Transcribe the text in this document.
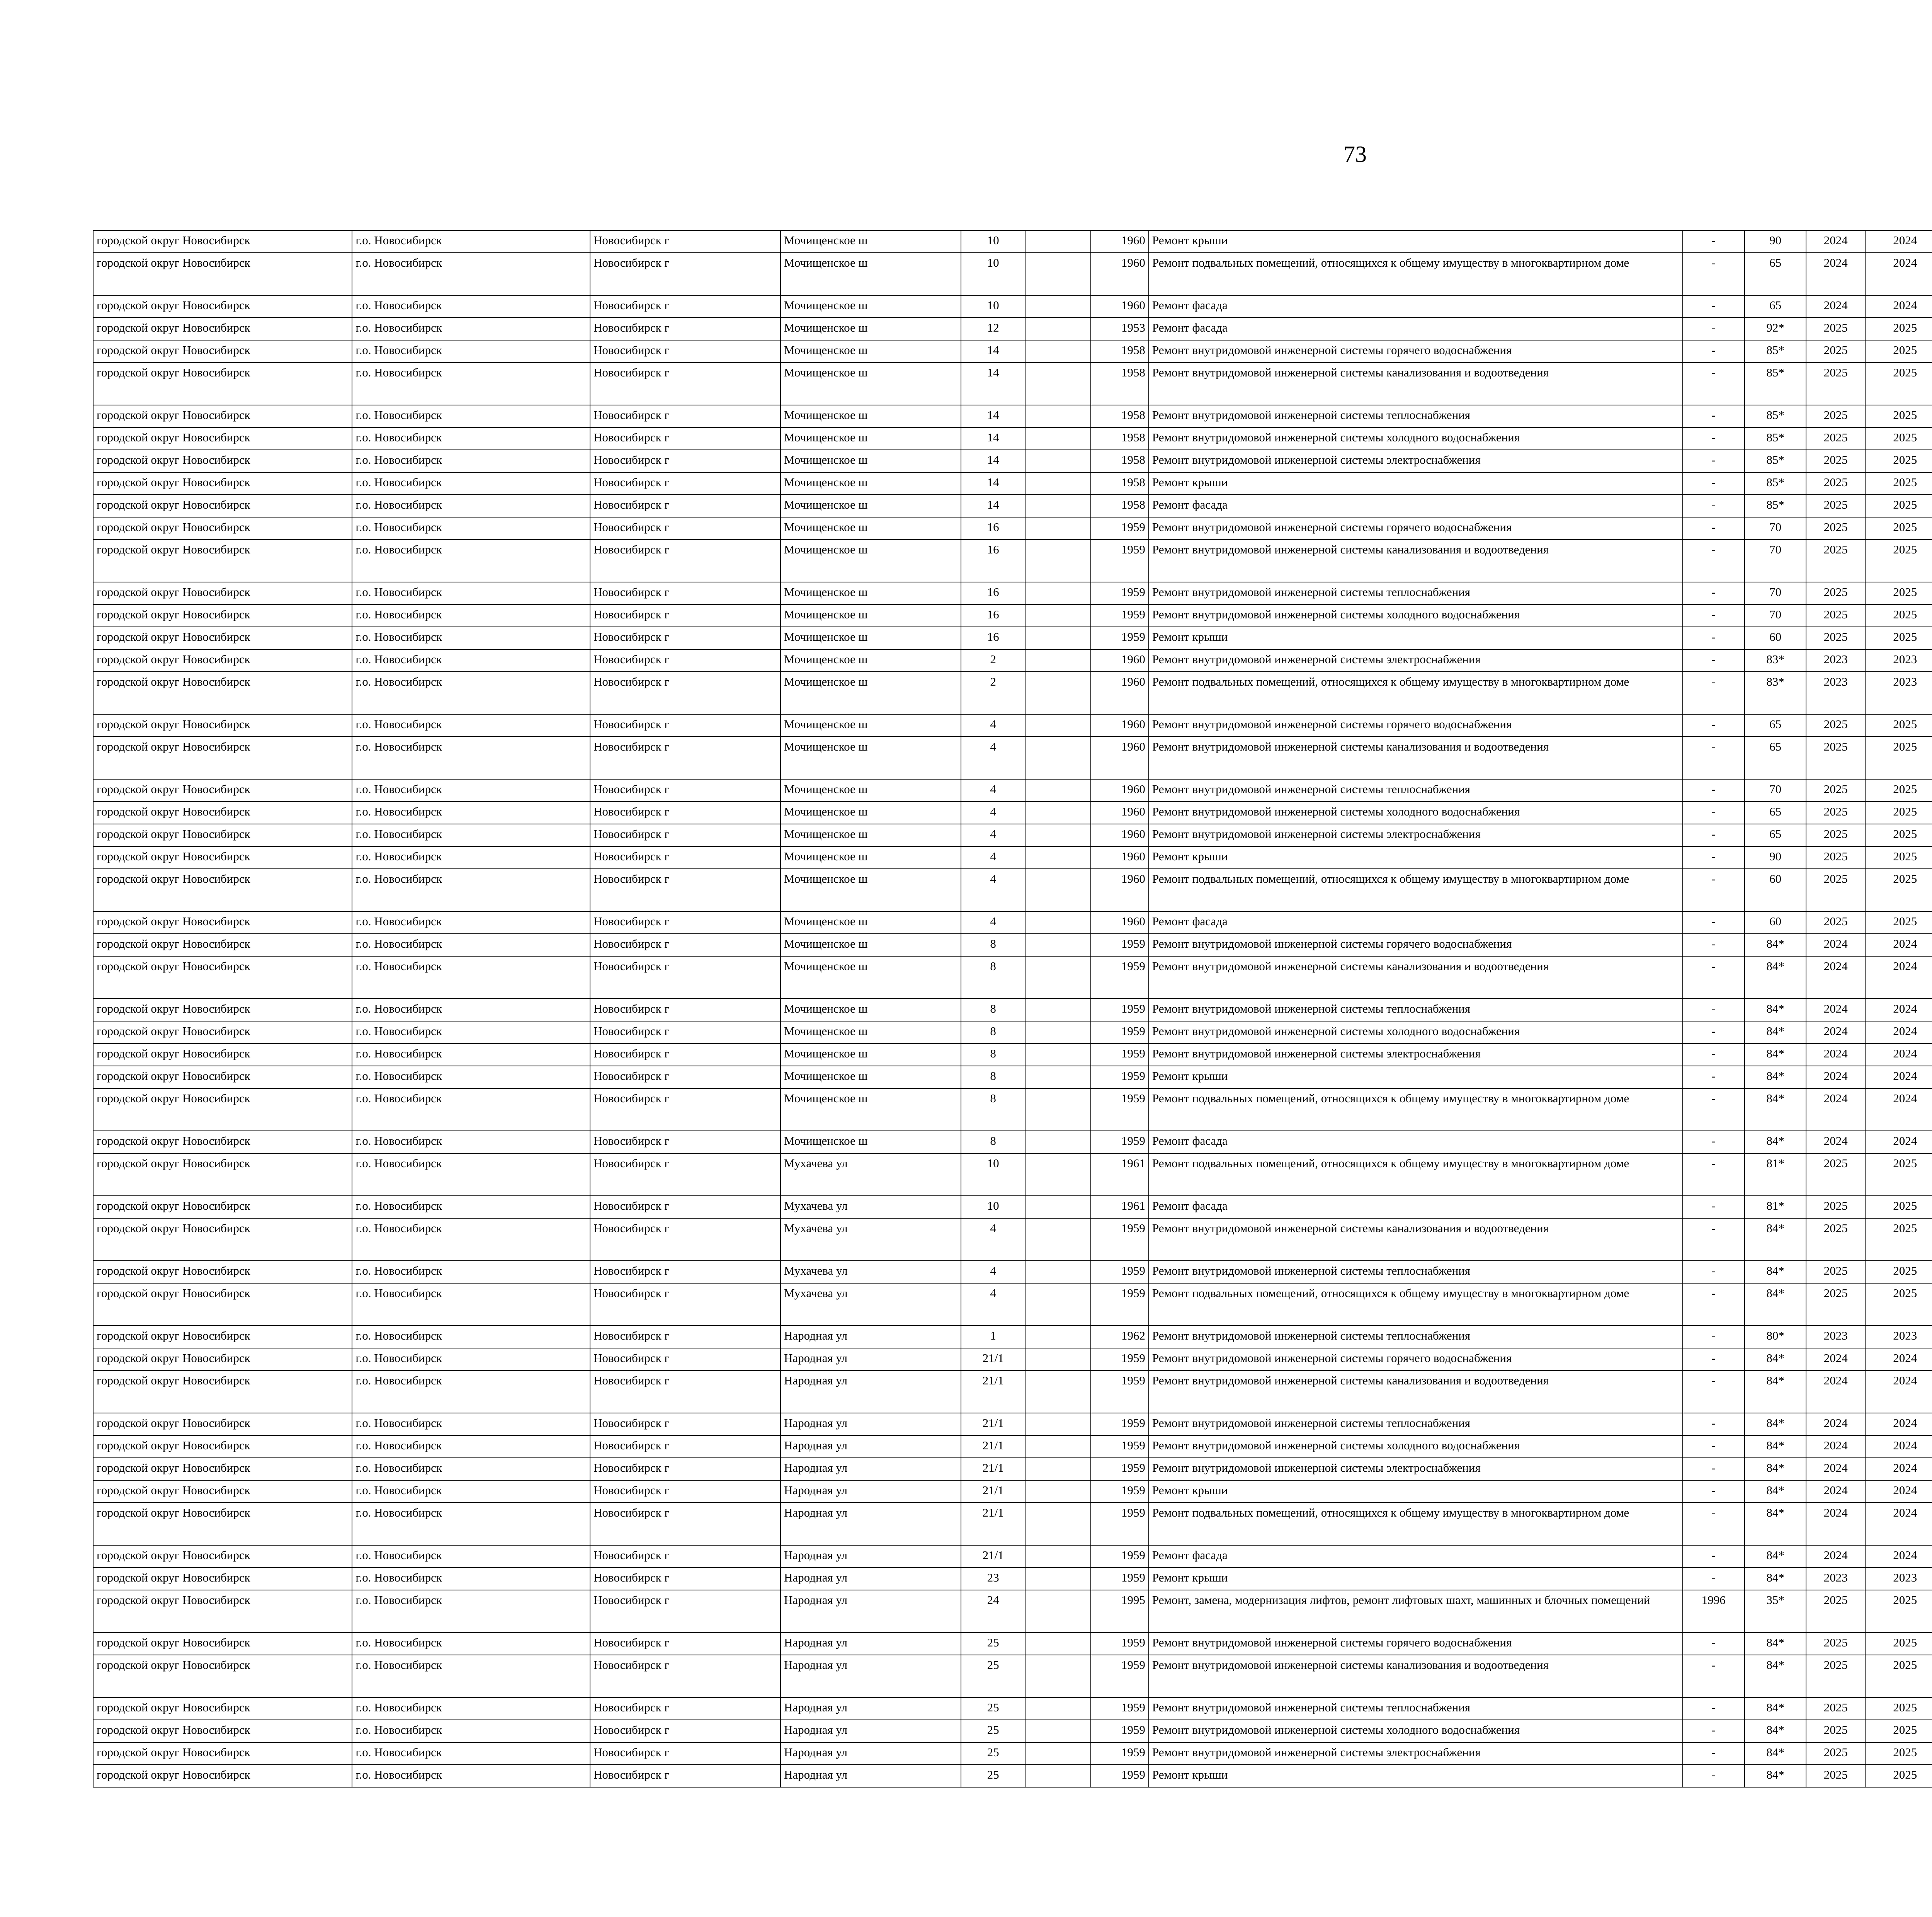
73
городской округ Новосибирск	г.о. Новосибирск	Новосибирск г	Мочищенское ш	10		1960	Ремонт крыши	-	90	2024	2024					
городской округ Новосибирск	г.о. Новосибирск	Новосибирск г	Мочищенское ш	10		1960	Ремонт подвальных помещений, относящихся к общему имуществу в многоквартирном доме	-	65	2024	2024					
городской округ Новосибирск	г.о. Новосибирск	Новосибирск г	Мочищенское ш	10		1960	Ремонт фасада	-	65	2024	2024					
городской округ Новосибирск	г.о. Новосибирск	Новосибирск г	Мочищенское ш	12		1953	Ремонт фасада	-	92*	2025	2025					
городской округ Новосибирск	г.о. Новосибирск	Новосибирск г	Мочищенское ш	14		1958	Ремонт внутридомовой инженерной системы горячего водоснабжения	-	85*	2025	2025					
городской округ Новосибирск	г.о. Новосибирск	Новосибирск г	Мочищенское ш	14		1958	Ремонт внутридомовой инженерной системы канализования и водоотведения	-	85*	2025	2025					
городской округ Новосибирск	г.о. Новосибирск	Новосибирск г	Мочищенское ш	14		1958	Ремонт внутридомовой инженерной системы теплоснабжения	-	85*	2025	2025					
городской округ Новосибирск	г.о. Новосибирск	Новосибирск г	Мочищенское ш	14		1958	Ремонт внутридомовой инженерной системы холодного водоснабжения	-	85*	2025	2025					
городской округ Новосибирск	г.о. Новосибирск	Новосибирск г	Мочищенское ш	14		1958	Ремонт внутридомовой инженерной системы электроснабжения	-	85*	2025	2025					
городской округ Новосибирск	г.о. Новосибирск	Новосибирск г	Мочищенское ш	14		1958	Ремонт крыши	-	85*	2025	2025					
городской округ Новосибирск	г.о. Новосибирск	Новосибирск г	Мочищенское ш	14		1958	Ремонт фасада	-	85*	2025	2025					
городской округ Новосибирск	г.о. Новосибирск	Новосибирск г	Мочищенское ш	16		1959	Ремонт внутридомовой инженерной системы горячего водоснабжения	-	70	2025	2025					
городской округ Новосибирск	г.о. Новосибирск	Новосибирск г	Мочищенское ш	16		1959	Ремонт внутридомовой инженерной системы канализования и водоотведения	-	70	2025	2025					
городской округ Новосибирск	г.о. Новосибирск	Новосибирск г	Мочищенское ш	16		1959	Ремонт внутридомовой инженерной системы теплоснабжения	-	70	2025	2025					
городской округ Новосибирск	г.о. Новосибирск	Новосибирск г	Мочищенское ш	16		1959	Ремонт внутридомовой инженерной системы холодного водоснабжения	-	70	2025	2025					
городской округ Новосибирск	г.о. Новосибирск	Новосибирск г	Мочищенское ш	16		1959	Ремонт крыши	-	60	2025	2025					
городской округ Новосибирск	г.о. Новосибирск	Новосибирск г	Мочищенское ш	2		1960	Ремонт внутридомовой инженерной системы электроснабжения	-	83*	2023	2023					
городской округ Новосибирск	г.о. Новосибирск	Новосибирск г	Мочищенское ш	2		1960	Ремонт подвальных помещений, относящихся к общему имуществу в многоквартирном доме	-	83*	2023	2023					
городской округ Новосибирск	г.о. Новосибирск	Новосибирск г	Мочищенское ш	4		1960	Ремонт внутридомовой инженерной системы горячего водоснабжения	-	65	2025	2025					
городской округ Новосибирск	г.о. Новосибирск	Новосибирск г	Мочищенское ш	4		1960	Ремонт внутридомовой инженерной системы канализования и водоотведения	-	65	2025	2025					
городской округ Новосибирск	г.о. Новосибирск	Новосибирск г	Мочищенское ш	4		1960	Ремонт внутридомовой инженерной системы теплоснабжения	-	70	2025	2025					
городской округ Новосибирск	г.о. Новосибирск	Новосибирск г	Мочищенское ш	4		1960	Ремонт внутридомовой инженерной системы холодного водоснабжения	-	65	2025	2025					
городской округ Новосибирск	г.о. Новосибирск	Новосибирск г	Мочищенское ш	4		1960	Ремонт внутридомовой инженерной системы электроснабжения	-	65	2025	2025					
городской округ Новосибирск	г.о. Новосибирск	Новосибирск г	Мочищенское ш	4		1960	Ремонт крыши	-	90	2025	2025					
городской округ Новосибирск	г.о. Новосибирск	Новосибирск г	Мочищенское ш	4		1960	Ремонт подвальных помещений, относящихся к общему имуществу в многоквартирном доме	-	60	2025	2025					
городской округ Новосибирск	г.о. Новосибирск	Новосибирск г	Мочищенское ш	4		1960	Ремонт фасада	-	60	2025	2025					
городской округ Новосибирск	г.о. Новосибирск	Новосибирск г	Мочищенское ш	8		1959	Ремонт внутридомовой инженерной системы горячего водоснабжения	-	84*	2024	2024					
городской округ Новосибирск	г.о. Новосибирск	Новосибирск г	Мочищенское ш	8		1959	Ремонт внутридомовой инженерной системы канализования и водоотведения	-	84*	2024	2024					
городской округ Новосибирск	г.о. Новосибирск	Новосибирск г	Мочищенское ш	8		1959	Ремонт внутридомовой инженерной системы теплоснабжения	-	84*	2024	2024					
городской округ Новосибирск	г.о. Новосибирск	Новосибирск г	Мочищенское ш	8		1959	Ремонт внутридомовой инженерной системы холодного водоснабжения	-	84*	2024	2024					
городской округ Новосибирск	г.о. Новосибирск	Новосибирск г	Мочищенское ш	8		1959	Ремонт внутридомовой инженерной системы электроснабжения	-	84*	2024	2024					
городской округ Новосибирск	г.о. Новосибирск	Новосибирск г	Мочищенское ш	8		1959	Ремонт крыши	-	84*	2024	2024					
городской округ Новосибирск	г.о. Новосибирск	Новосибирск г	Мочищенское ш	8		1959	Ремонт подвальных помещений, относящихся к общему имуществу в многоквартирном доме	-	84*	2024	2024					
городской округ Новосибирск	г.о. Новосибирск	Новосибирск г	Мочищенское ш	8		1959	Ремонт фасада	-	84*	2024	2024					
городской округ Новосибирск	г.о. Новосибирск	Новосибирск г	Мухачева ул	10		1961	Ремонт подвальных помещений, относящихся к общему имуществу в многоквартирном доме	-	81*	2025	2025					
городской округ Новосибирск	г.о. Новосибирск	Новосибирск г	Мухачева ул	10		1961	Ремонт фасада	-	81*	2025	2025					
городской округ Новосибирск	г.о. Новосибирск	Новосибирск г	Мухачева ул	4		1959	Ремонт внутридомовой инженерной системы канализования и водоотведения	-	84*	2025	2025					
городской округ Новосибирск	г.о. Новосибирск	Новосибирск г	Мухачева ул	4		1959	Ремонт внутридомовой инженерной системы теплоснабжения	-	84*	2025	2025					
городской округ Новосибирск	г.о. Новосибирск	Новосибирск г	Мухачева ул	4		1959	Ремонт подвальных помещений, относящихся к общему имуществу в многоквартирном доме	-	84*	2025	2025					
городской округ Новосибирск	г.о. Новосибирск	Новосибирск г	Народная ул	1		1962	Ремонт внутридомовой инженерной системы теплоснабжения	-	80*	2023	2023					
городской округ Новосибирск	г.о. Новосибирск	Новосибирск г	Народная ул	21/1		1959	Ремонт внутридомовой инженерной системы горячего водоснабжения	-	84*	2024	2024					
городской округ Новосибирск	г.о. Новосибирск	Новосибирск г	Народная ул	21/1		1959	Ремонт внутридомовой инженерной системы канализования и водоотведения	-	84*	2024	2024					
городской округ Новосибирск	г.о. Новосибирск	Новосибирск г	Народная ул	21/1		1959	Ремонт внутридомовой инженерной системы теплоснабжения	-	84*	2024	2024					
городской округ Новосибирск	г.о. Новосибирск	Новосибирск г	Народная ул	21/1		1959	Ремонт внутридомовой инженерной системы холодного водоснабжения	-	84*	2024	2024					
городской округ Новосибирск	г.о. Новосибирск	Новосибирск г	Народная ул	21/1		1959	Ремонт внутридомовой инженерной системы электроснабжения	-	84*	2024	2024					
городской округ Новосибирск	г.о. Новосибирск	Новосибирск г	Народная ул	21/1		1959	Ремонт крыши	-	84*	2024	2024					
городской округ Новосибирск	г.о. Новосибирск	Новосибирск г	Народная ул	21/1		1959	Ремонт подвальных помещений, относящихся к общему имуществу в многоквартирном доме	-	84*	2024	2024					
городской округ Новосибирск	г.о. Новосибирск	Новосибирск г	Народная ул	21/1		1959	Ремонт фасада	-	84*	2024	2024					
городской округ Новосибирск	г.о. Новосибирск	Новосибирск г	Народная ул	23		1959	Ремонт крыши	-	84*	2023	2023					
городской округ Новосибирск	г.о. Новосибирск	Новосибирск г	Народная ул	24		1995	Ремонт, замена, модернизация лифтов, ремонт лифтовых шахт, машинных и блочных помещений	1996	35*	2025	2025					
городской округ Новосибирск	г.о. Новосибирск	Новосибирск г	Народная ул	25		1959	Ремонт внутридомовой инженерной системы горячего водоснабжения	-	84*	2025	2025					
городской округ Новосибирск	г.о. Новосибирск	Новосибирск г	Народная ул	25		1959	Ремонт внутридомовой инженерной системы канализования и водоотведения	-	84*	2025	2025					
городской округ Новосибирск	г.о. Новосибирск	Новосибирск г	Народная ул	25		1959	Ремонт внутридомовой инженерной системы теплоснабжения	-	84*	2025	2025					
городской округ Новосибирск	г.о. Новосибирск	Новосибирск г	Народная ул	25		1959	Ремонт внутридомовой инженерной системы холодного водоснабжения	-	84*	2025	2025					
городской округ Новосибирск	г.о. Новосибирск	Новосибирск г	Народная ул	25		1959	Ремонт внутридомовой инженерной системы электроснабжения	-	84*	2025	2025					
городской округ Новосибирск	г.о. Новосибирск	Новосибирск г	Народная ул	25		1959	Ремонт крыши	-	84*	2025	2025					
